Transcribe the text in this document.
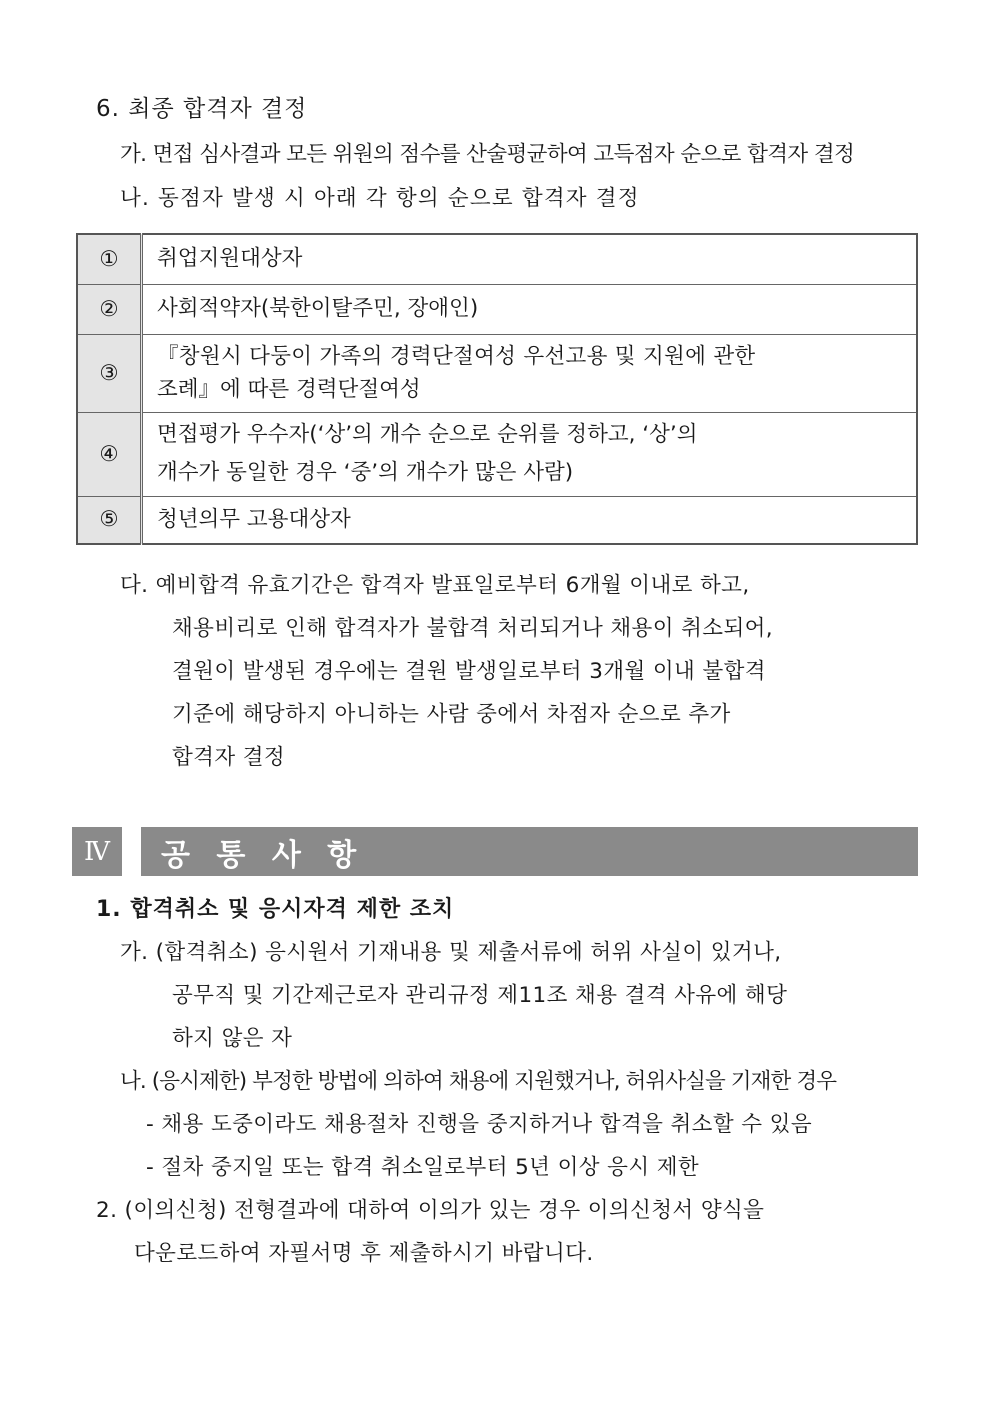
6. 최종 합격자 결정
가. 면접 심사결과 모든 위원의 점수를 산술평균하여 고득점자 순으로 합격자 결정
나. 동점자 발생 시 아래 각 항의 순으로 합격자 결정
①	취업지원대상자

②	사회적약자(북한이탈주민, 장애인)

③	『창원시 다둥이 가족의 경력단절여성 우선고용 및 지원에 관한
조례』에 따른 경력단절여성

④	면접평가 우수자(‘상’의 개수 순으로 순위를 정하고, ‘상’의
개수가 동일한 경우 ‘중’의 개수가 많은 사람)

⑤	청년의무 고용대상자
다. 예비합격 유효기간은 합격자 발표일로부터 6개월 이내로 하고,
채용비리로 인해 합격자가 불합격 처리되거나 채용이 취소되어,
결원이 발생된 경우에는 결원 발생일로부터 3개월 이내 불합격
기준에 해당하지 아니하는 사람 중에서 차점자 순으로 추가
합격자 결정
Ⅳ	공 통 사 항
1. 합격취소 및 응시자격 제한 조치
가. (합격취소) 응시원서 기재내용 및 제출서류에 허위 사실이 있거나,
공무직 및 기간제근로자 관리규정 제11조 채용 결격 사유에 해당
하지 않은 자
나. (응시제한) 부정한 방법에 의하여 채용에 지원했거나, 허위사실을 기재한 경우
- 채용 도중이라도 채용절차 진행을 중지하거나 합격을 취소할 수 있음
- 절차 중지일 또는 합격 취소일로부터 5년 이상 응시 제한
2. (이의신청) 전형결과에 대하여 이의가 있는 경우 이의신청서 양식을
다운로드하여 자필서명 후 제출하시기 바랍니다.
